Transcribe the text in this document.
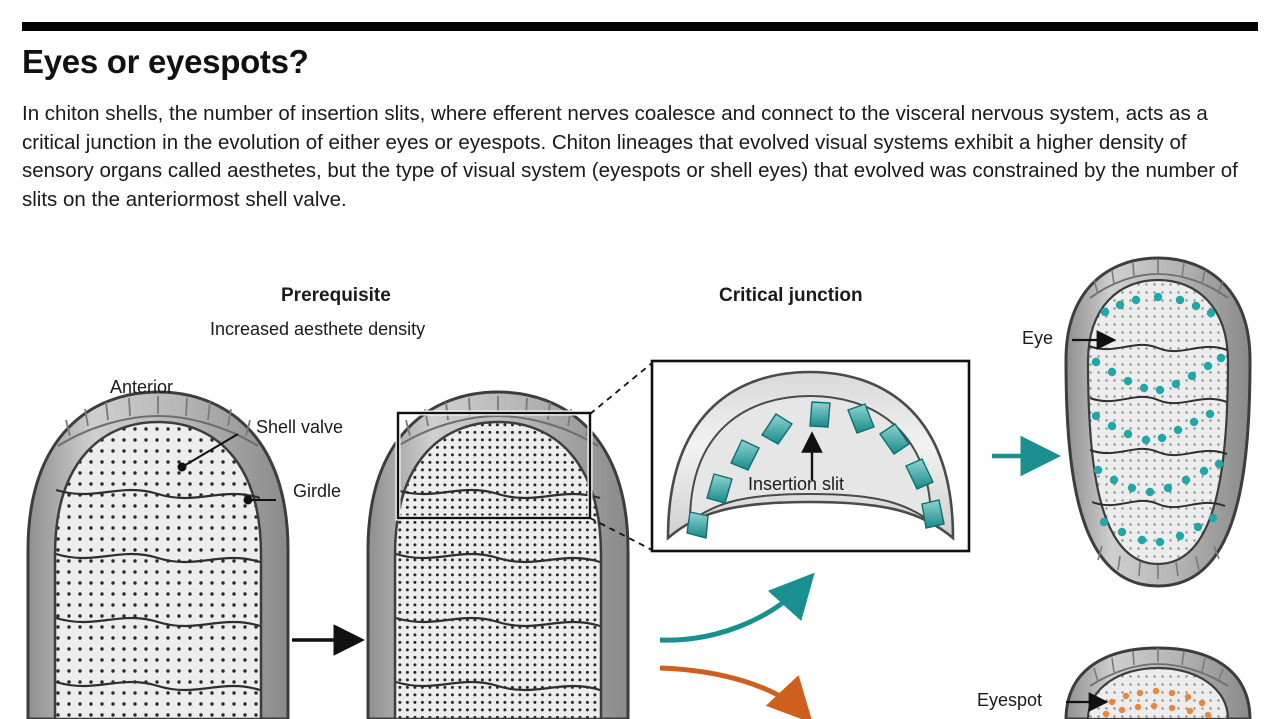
Eyes or eyespots?
In chiton shells, the number of insertion slits, where efferent nerves coalesce and connect to the visceral nervous system, acts as a critical junction in the evolution of either eyes or eyespots. Chiton lineages that evolved visual systems exhibit a higher density of sensory organs called aesthetes, but the type of visual system (eyespots or shell eyes) that evolved was constrained by the number of slits on the anteriormost shell valve.
Prerequisite
Increased aesthete density
Critical junction
Anterior
Shell valve
Girdle	Insertion slit
Eye
Eyespot
